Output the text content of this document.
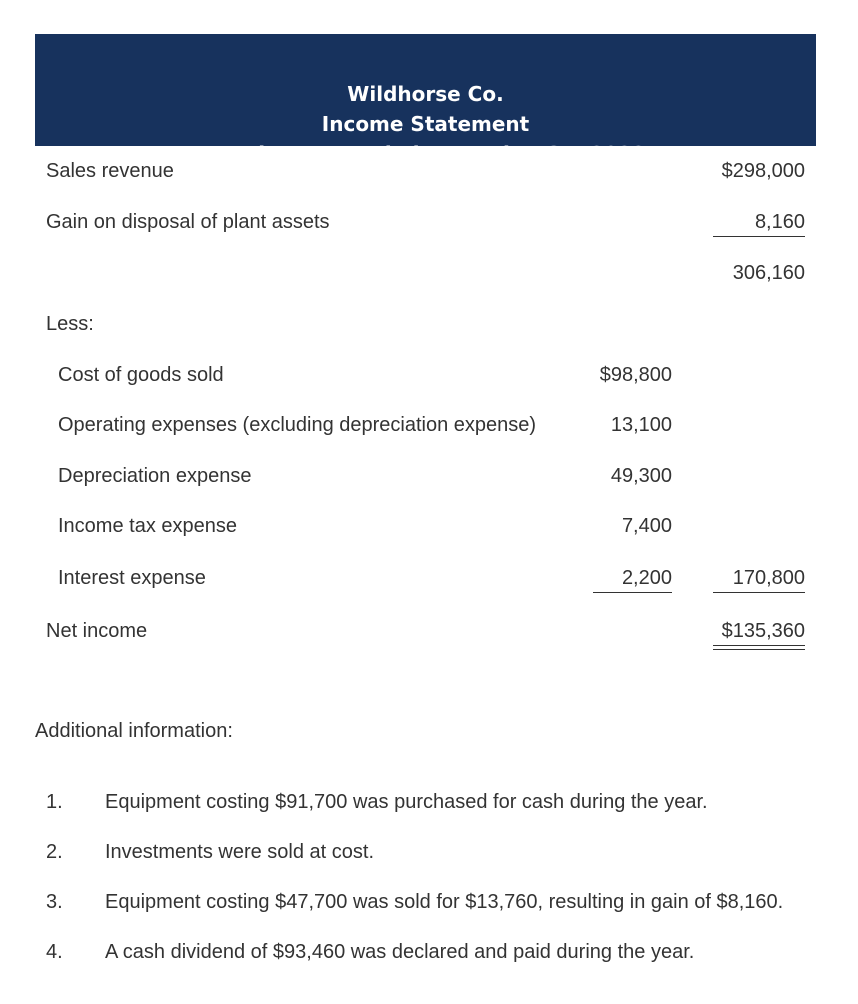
Wildhorse Co.
Income Statement
For the Year Ended December 31, 2022
Sales revenue	$298,000
Gain on disposal of plant assets	8,160
306,160
Less:
Cost of goods sold	$98,800
Operating expenses (excluding depreciation expense)	13,100
Depreciation expense	49,300
Income tax expense	7,400
Interest expense	2,200	170,800
Net income	$135,360
Additional information:
1. Equipment costing $91,700 was purchased for cash during the year.
2. Investments were sold at cost.
3. Equipment costing $47,700 was sold for $13,760, resulting in gain of $8,160.
4. A cash dividend of $93,460 was declared and paid during the year.
